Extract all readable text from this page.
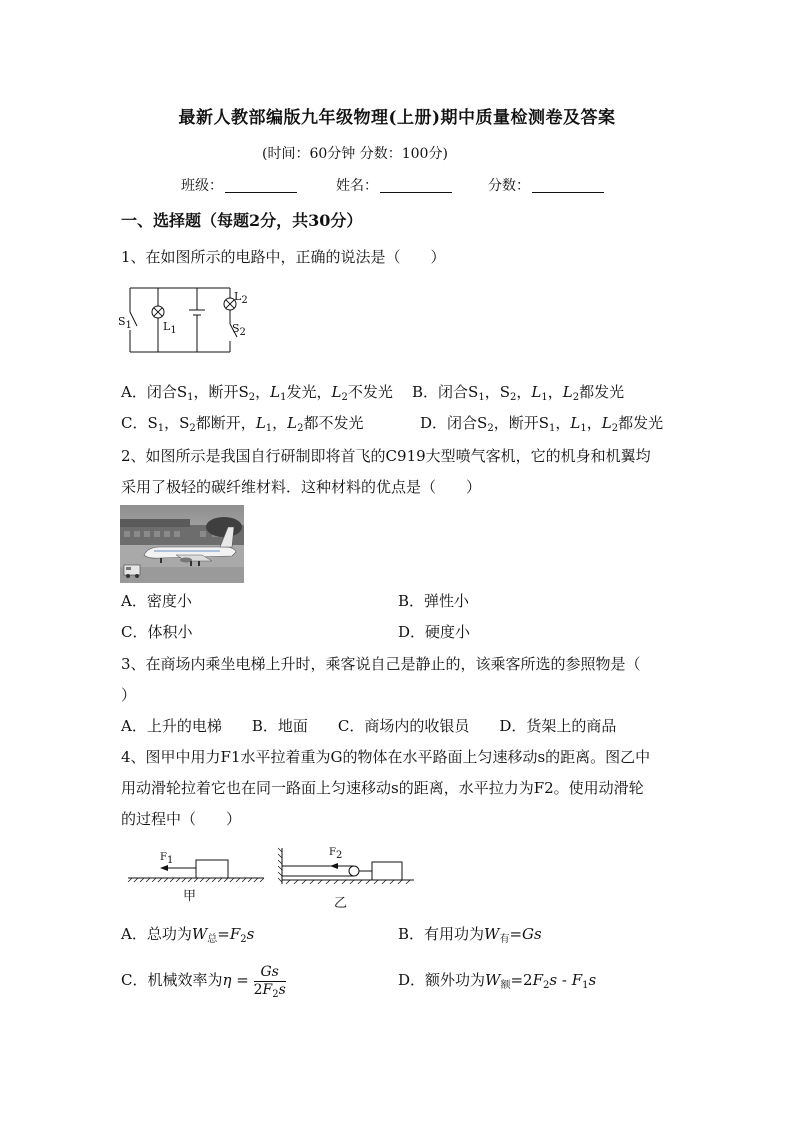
最新人教部编版九年级物理(上册)期中质量检测卷及答案
(时间：60分钟 分数：100分)
班级：	姓名：	分数：
一、选择题（每题2分，共30分）
1、在如图所示的电路中，正确的说法是（　　）
$S_1$	$L_1$
$L_2$
$S_2$
A．闭合$S_1$，断开$S_2$，$L_1$发光，$L_2$不发光 B．闭合$S_1$，$S_2$，$L_1$，$L_2$都发光
C．$S_1$，$S_2$都断开，$L_1$，$L_2$都不发光	D．闭合$S_2$，断开$S_1$，$L_1$，$L_2$都发光
2、如图所示是我国自行研制即将首飞的C919大型喷气客机，它的机身和机翼均
采用了极轻的碳纤维材料．这种材料的优点是（　　）
A．密度小	B．弹性小
C．体积小	D．硬度小
3、在商场内乘坐电梯上升时，乘客说自己是静止的，该乘客所选的参照物是（
）
A．上升的电梯　　B．地面　　C．商场内的收银员　　D．货架上的商品
4、图甲中用力F1水平拉着重为G的物体在水平路面上匀速移动s的距离。图乙中
用动滑轮拉着它也在同一路面上匀速移动s的距离，水平拉力为F2。使用动滑轮
的过程中（　　）
$F_1$
甲
$F_2$
乙
A．总功为$W_总=F_2s$	B．有用功为$W_有=Gs$
C．机械效率为$\eta = \frac{Gs}{2F_2s}$	D．额外功为$W_额=2F_2s - F_1s$
